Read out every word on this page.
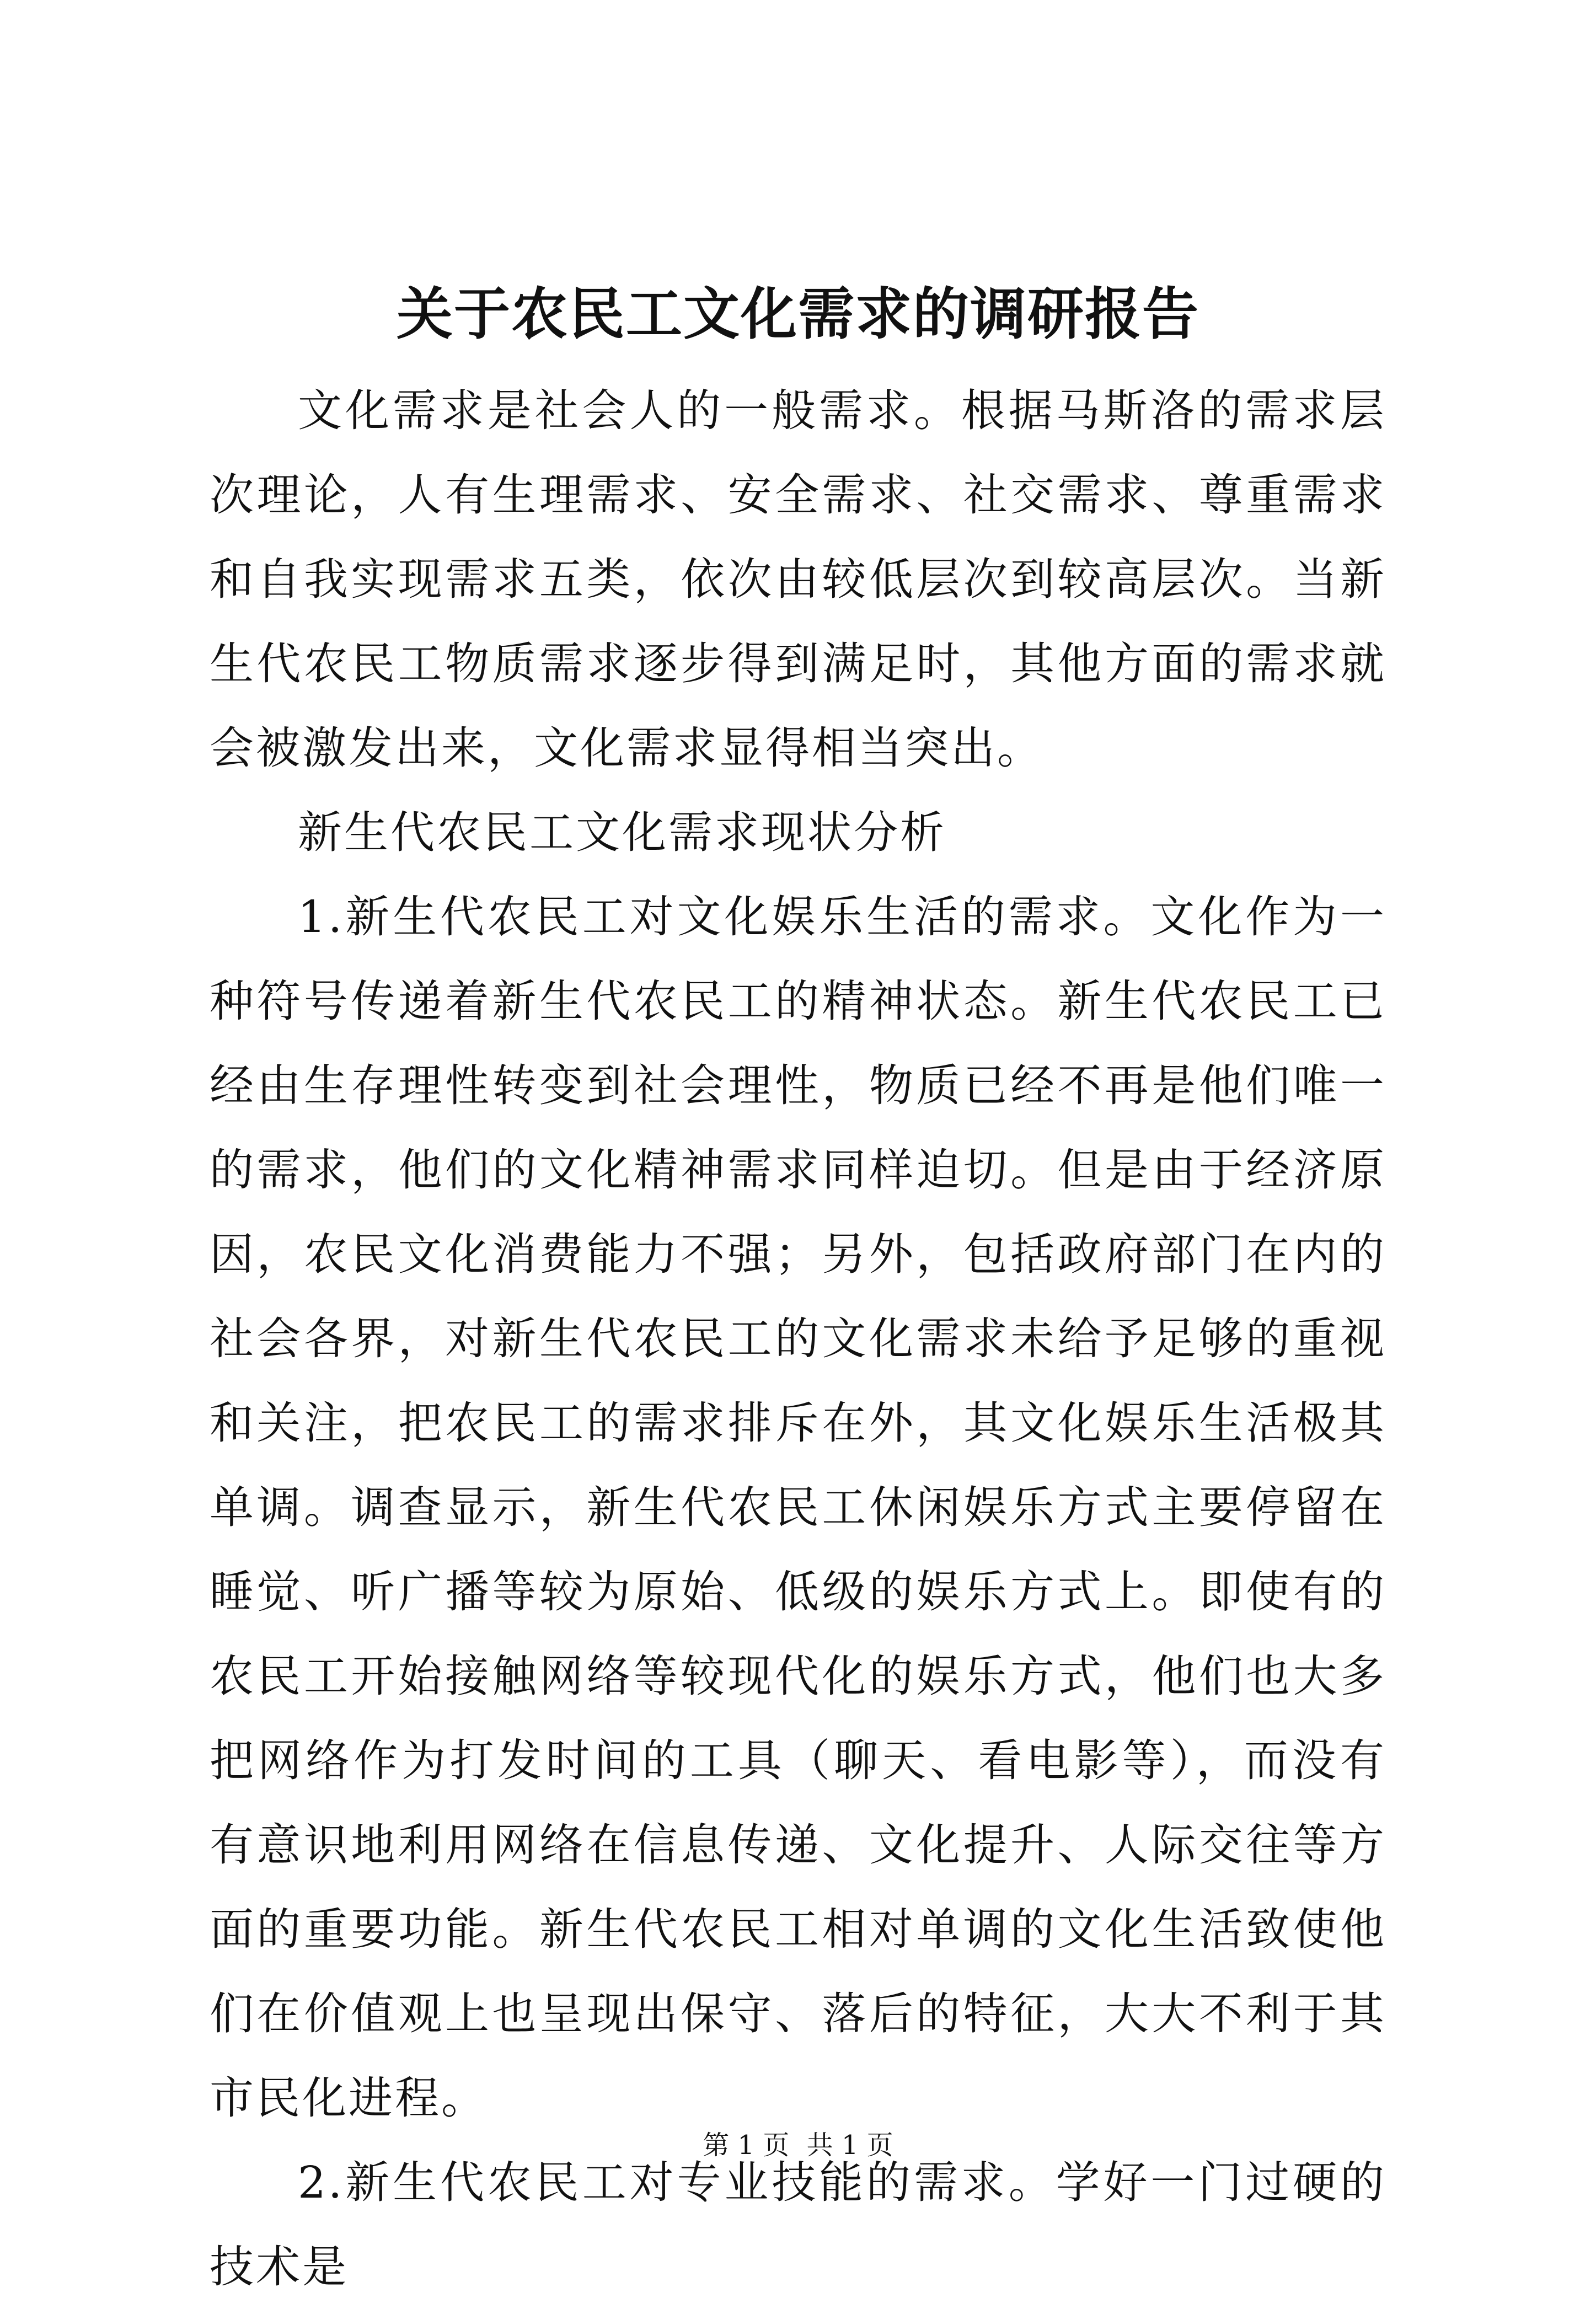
关于农民工文化需求的调研报告

文化需求是社会人的一般需求。根据马斯洛的需求层次理论，人有生理需求、安全需求、社交需求、尊重需求和自我实现需求五类，依次由较低层次到较高层次。当新生代农民工物质需求逐步得到满足时，其他方面的需求就会被激发出来，文化需求显得相当突出。

新生代农民工文化需求现状分析

1.新生代农民工对文化娱乐生活的需求。文化作为一种符号传递着新生代农民工的精神状态。新生代农民工已经由生存理性转变到社会理性，物质已经不再是他们唯一的需求，他们的文化精神需求同样迫切。但是由于经济原因，农民文化消费能力不强；另外，包括政府部门在内的社会各界，对新生代农民工的文化需求未给予足够的重视和关注，把农民工的需求排斥在外，其文化娱乐生活极其单调。调查显示，新生代农民工休闲娱乐方式主要停留在睡觉、听广播等较为原始、低级的娱乐方式上。即使有的农民工开始接触网络等较现代化的娱乐方式，他们也大多把网络作为打发时间的工具（聊天、看电影等），而没有有意识地利用网络在信息传递、文化提升、人际交往等方面的重要功能。新生代农民工相对单调的文化生活致使他们在价值观上也呈现出保守、落后的特征，大大不利于其市民化进程。

2.新生代农民工对专业技能的需求。学好一门过硬的技术是

第 1 页 共 1 页
